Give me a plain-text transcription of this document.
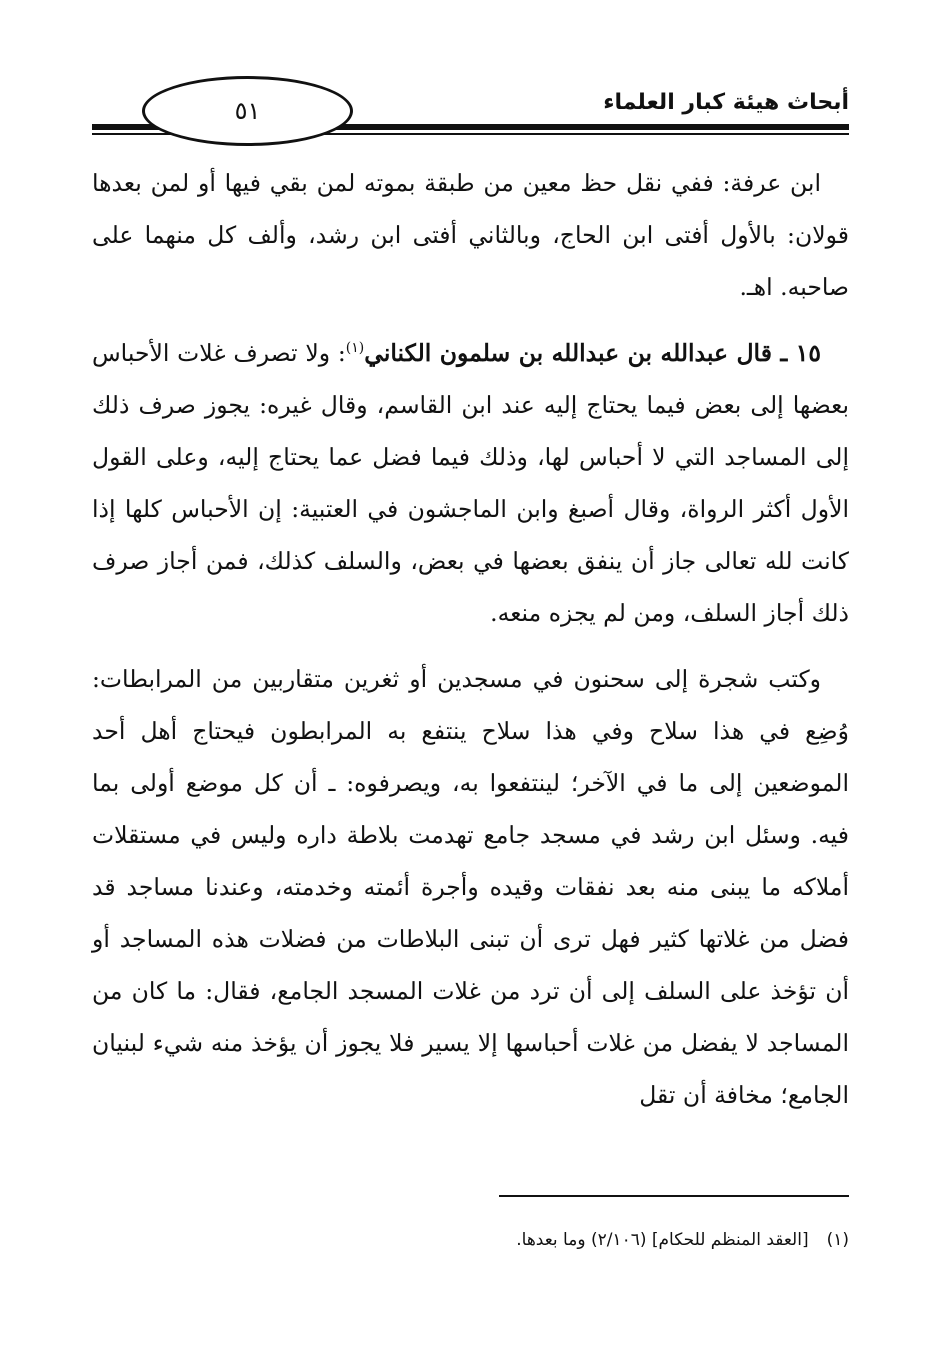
أبحاث هيئة كبار العلماء
٥١

ابن عرفة: ففي نقل حظ معين من طبقة بموته لمن بقي فيها أو لمن بعدها قولان: بالأول أفتى ابن الحاج، وبالثاني أفتى ابن رشد، وألف كل منهما على صاحبه. اهـ.

١٥ ـ قال عبدالله بن عبدالله بن سلمون الكناني$^{(١)}$: ولا تصرف غلات الأحباس بعضها إلى بعض فيما يحتاج إليه عند ابن القاسم، وقال غيره: يجوز صرف ذلك إلى المساجد التي لا أحباس لها، وذلك فيما فضل عما يحتاج إليه، وعلى القول الأول أكثر الرواة، وقال أصبغ وابن الماجشون في العتبية: إن الأحباس كلها إذا كانت لله تعالى جاز أن ينفق بعضها في بعض، والسلف كذلك، فمن أجاز صرف ذلك أجاز السلف، ومن لم يجزه منعه.

وكتب شجرة إلى سحنون في مسجدين أو ثغرين متقاربين من المرابطات: وُضِع في هذا سلاح وفي هذا سلاح ينتفع به المرابطون فيحتاج أهل أحد الموضعين إلى ما في الآخر؛ لينتفعوا به، ويصرفوه: ـ أن كل موضع أولى بما فيه. وسئل ابن رشد في مسجد جامع تهدمت بلاطة داره وليس في مستقلات أملاكه ما يبنى منه بعد نفقات وقيده وأجرة أئمته وخدمته، وعندنا مساجد قد فضل من غلاتها كثير فهل ترى أن تبنى البلاطات من فضلات هذه المساجد أو أن تؤخذ على السلف إلى أن ترد من غلات المسجد الجامع، فقال: ما كان من المساجد لا يفضل من غلات أحباسها إلا يسير فلا يجوز أن يؤخذ منه شيء لبنيان الجامع؛ مخافة أن تقل

(١)[العقد المنظم للحكام] (٢/١٠٦) وما بعدها.
